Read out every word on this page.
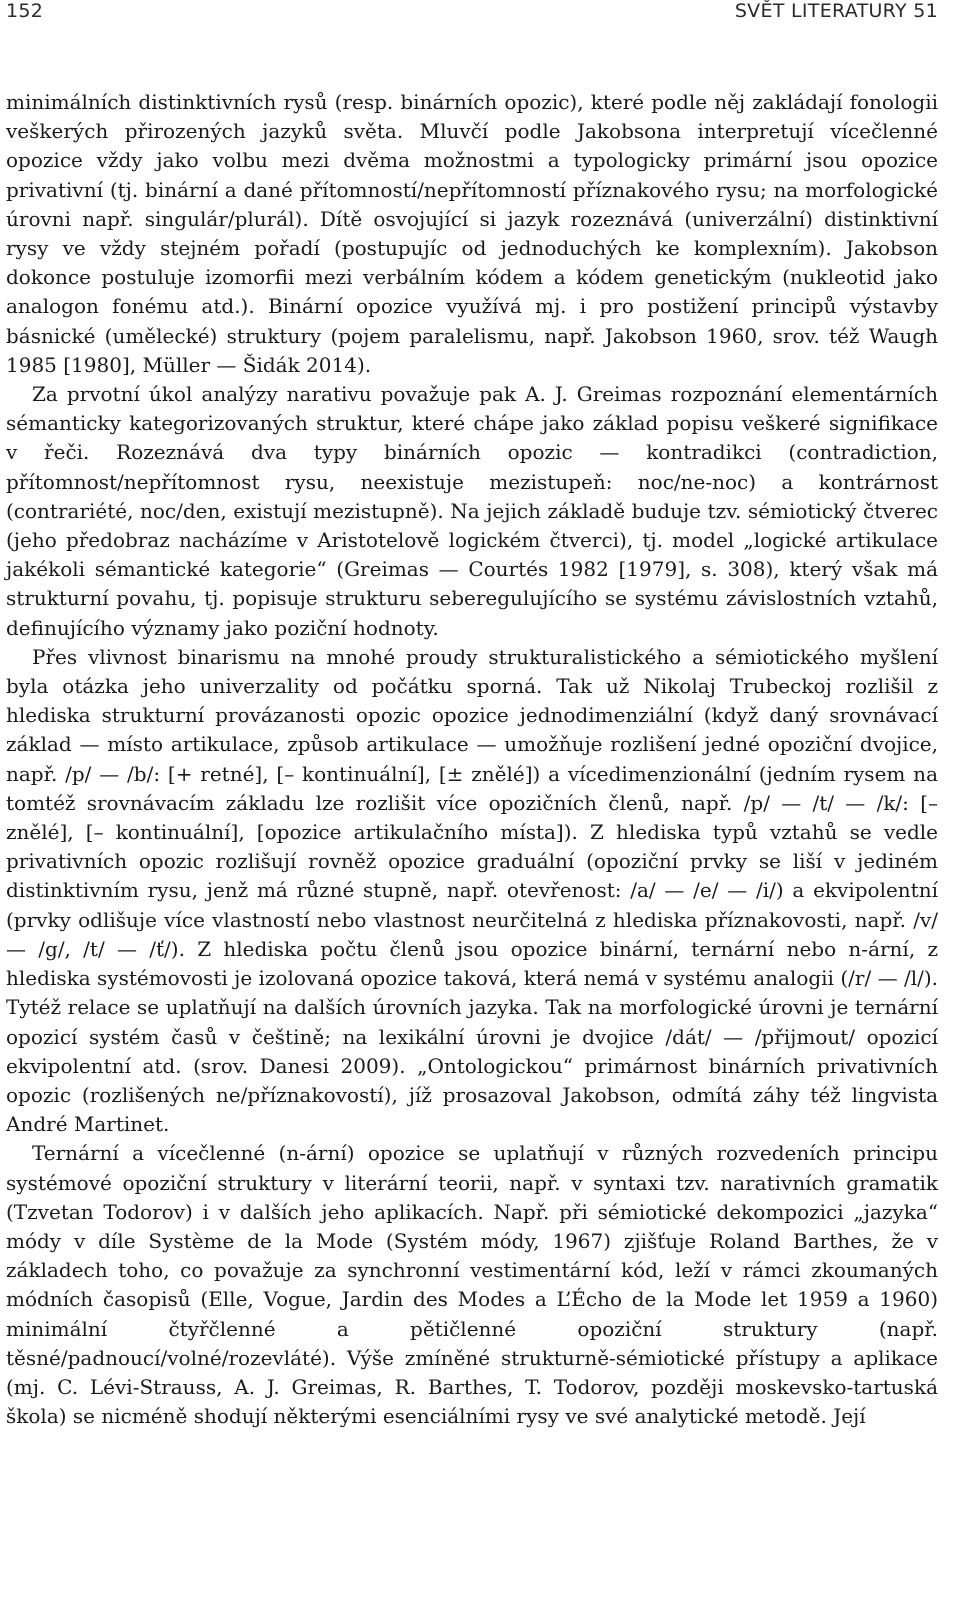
152	SVĚT LITERATURY 51

minimálních distinktivních rysů (resp. binárních opozic), které podle něj zakládají fonologii veškerých přirozených jazyků světa. Mluvčí podle Jakobsona interpretují vícečlenné opozice vždy jako volbu mezi dvěma možnostmi a typologicky primární jsou opozice privativní (tj. binární a dané přítomností/nepřítomností příznakového rysu; na morfologické úrovni např. singulár/plurál). Dítě osvojující si jazyk rozeznává (univerzální) distinktivní rysy ve vždy stejném pořadí (postupujíc od jednoduchých ke komplexním). Jakobson dokonce postuluje izomorfii mezi verbálním kódem a kódem genetickým (nukleotid jako analogon fonému atd.). Binární opozice využívá mj. i pro postižení principů výstavby básnické (umělecké) struktury (pojem paralelismu, např. Jakobson 1960, srov. též Waugh 1985 [1980], Müller — Šidák 2014).

Za prvotní úkol analýzy narativu považuje pak A. J. Greimas rozpoznání elementárních sémanticky kategorizovaných struktur, které chápe jako základ popisu veškeré signifikace v řeči. Rozeznává dva typy binárních opozic — kontradikci (contradiction, přítomnost/nepřítomnost rysu, neexistuje mezistupeň: noc/ne-noc) a kontrárnost (contrariété, noc/den, existují mezistupně). Na jejich základě buduje tzv. sémiotický čtverec (jeho předobraz nacházíme v Aristotelově logickém čtverci), tj. model „logické artikulace jakékoli sémantické kategorie“ (Greimas — Courtés 1982 [1979], s. 308), který však má strukturní povahu, tj. popisuje strukturu seberegulujícího se systému závislostních vztahů, definujícího významy jako poziční hodnoty.

Přes vlivnost binarismu na mnohé proudy strukturalistického a sémiotického myšlení byla otázka jeho univerzality od počátku sporná. Tak už Nikolaj Trubeckoj rozlišil z hlediska strukturní provázanosti opozic opozice jednodimenziální (když daný srovnávací základ — místo artikulace, způsob artikulace — umožňuje rozlišení jedné opoziční dvojice, např. /p/ — /b/: [+ retné], [– kontinuální], [± znělé]) a vícedimenzionální (jedním rysem na tomtéž srovnávacím základu lze rozlišit více opozičních členů, např. /p/ — /t/ — /k/: [– znělé], [– kontinuální], [opozice artikulačního místa]). Z hlediska typů vztahů se vedle privativních opozic rozlišují rovněž opozice graduální (opoziční prvky se liší v jediném distinktivním rysu, jenž má různé stupně, např. otevřenost: /a/ — /e/ — /i/) a ekvipolentní (prvky odlišuje více vlastností nebo vlastnost neurčitelná z hlediska příznakovosti, např. /v/ — /g/, /t/ — /ť/). Z hlediska počtu členů jsou opozice binární, ternární nebo n-ární, z hlediska systémovosti je izolovaná opozice taková, která nemá v systému analogii (/r/ — /l/). Tytéž relace se uplatňují na dalších úrovních jazyka. Tak na morfologické úrovni je ternární opozicí systém časů v češtině; na lexikální úrovni je dvojice /dát/ — /přijmout/ opozicí ekvipolentní atd. (srov. Danesi 2009). „Ontologickou“ primárnost binárních privativních opozic (rozlišených ne/příznakovostí), jíž prosazoval Jakobson, odmítá záhy též lingvista André Martinet.

Ternární a vícečlenné (n-ární) opozice se uplatňují v různých rozvedeních principu systémové opoziční struktury v literární teorii, např. v syntaxi tzv. narativních gramatik (Tzvetan Todorov) i v dalších jeho aplikacích. Např. při sémiotické dekompozici „jazyka“ módy v díle Système de la Mode (Systém módy, 1967) zjišťuje Roland Barthes, že v základech toho, co považuje za synchronní vestimentární kód, leží v rámci zkoumaných módních časopisů (Elle, Vogue, Jardin des Modes a L’Écho de la Mode let 1959 a 1960) minimální čtyřčlenné a pětičlenné opoziční struktury (např. těsné/padnoucí/volné/rozevláté). Výše zmíněné strukturně-sémiotické přístupy a aplikace (mj. C. Lévi-Strauss, A. J. Greimas, R. Barthes, T. Todorov, později moskevsko-tartuská škola) se nicméně shodují některými esenciálními rysy ve své analytické metodě. Její
